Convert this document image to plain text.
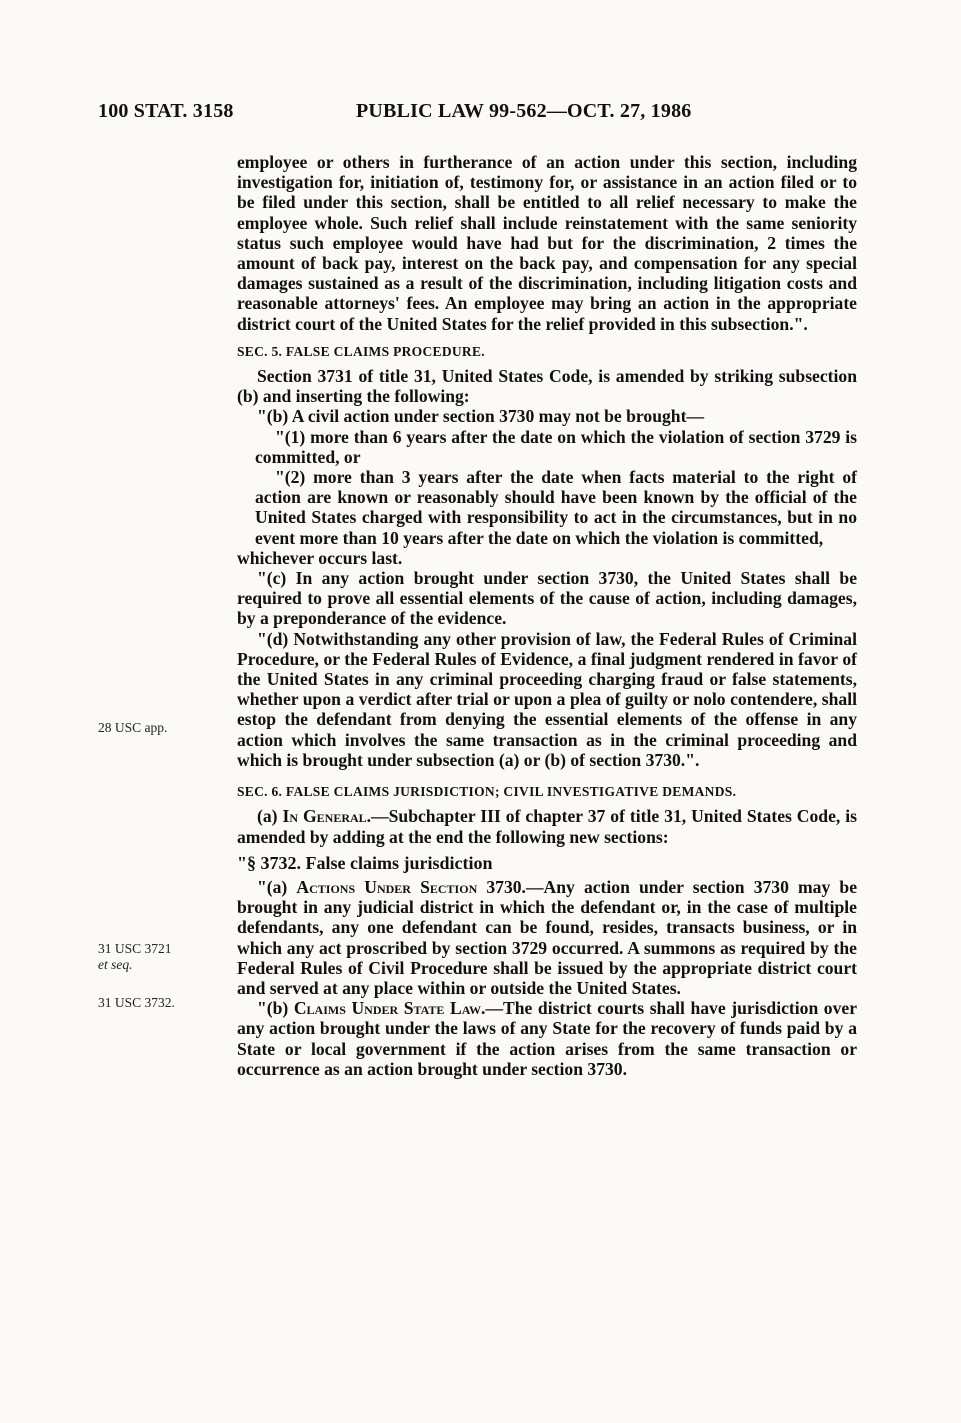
100 STAT. 3158	PUBLIC LAW 99-562—OCT. 27, 1986
28 USC app.
31 USC 3721
et seq.
31 USC 3732.

employee or others in furtherance of an action under this section, including investigation for, initiation of, testimony for, or assistance in an action filed or to be filed under this section, shall be entitled to all relief necessary to make the employee whole. Such relief shall include reinstatement with the same seniority status such employee would have had but for the discrimination, 2 times the amount of back pay, interest on the back pay, and compensation for any special damages sustained as a result of the discrimination, including litigation costs and reasonable attorneys' fees. An employee may bring an action in the appropriate district court of the United States for the relief provided in this subsection.".

SEC. 5. FALSE CLAIMS PROCEDURE.

Section 3731 of title 31, United States Code, is amended by striking subsection (b) and inserting the following:

"(b) A civil action under section 3730 may not be brought—

"(1) more than 6 years after the date on which the violation of section 3729 is committed, or

"(2) more than 3 years after the date when facts material to the right of action are known or reasonably should have been known by the official of the United States charged with responsibility to act in the circumstances, but in no event more than 10 years after the date on which the violation is committed,

whichever occurs last.

"(c) In any action brought under section 3730, the United States shall be required to prove all essential elements of the cause of action, including damages, by a preponderance of the evidence.

"(d) Notwithstanding any other provision of law, the Federal Rules of Criminal Procedure, or the Federal Rules of Evidence, a final judgment rendered in favor of the United States in any criminal proceeding charging fraud or false statements, whether upon a verdict after trial or upon a plea of guilty or nolo contendere, shall estop the defendant from denying the essential elements of the offense in any action which involves the same transaction as in the criminal proceeding and which is brought under subsection (a) or (b) of section 3730.".

SEC. 6. FALSE CLAIMS JURISDICTION; CIVIL INVESTIGATIVE DEMANDS.

(a) In General.—Subchapter III of chapter 37 of title 31, United States Code, is amended by adding at the end the following new sections:

"§ 3732. False claims jurisdiction

"(a) Actions Under Section 3730.—Any action under section 3730 may be brought in any judicial district in which the defendant or, in the case of multiple defendants, any one defendant can be found, resides, transacts business, or in which any act proscribed by section 3729 occurred. A summons as required by the Federal Rules of Civil Procedure shall be issued by the appropriate district court and served at any place within or outside the United States.

"(b) Claims Under State Law.—The district courts shall have jurisdiction over any action brought under the laws of any State for the recovery of funds paid by a State or local government if the action arises from the same transaction or occurrence as an action brought under section 3730.
